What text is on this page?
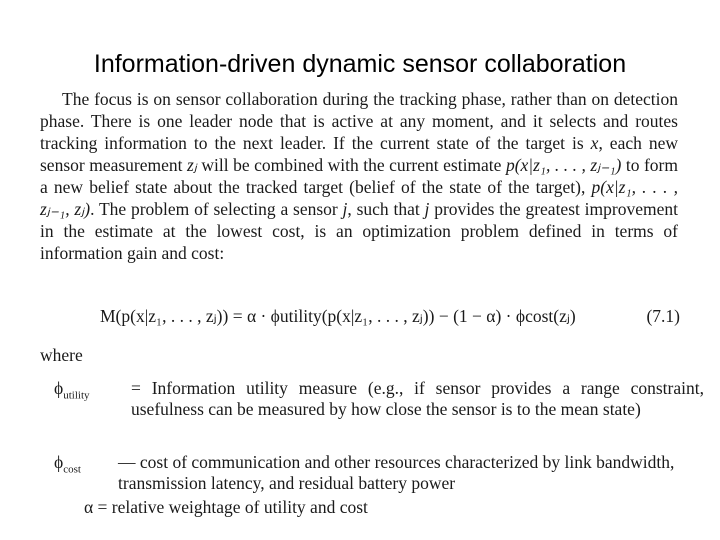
Information-driven dynamic sensor collaboration

The focus is on sensor collaboration during the tracking phase, rather than on detection phase. There is one leader node that is active at any moment, and it selects and routes tracking information to the next leader. If the current state of the target is x, each new sensor measurement zⱼ will be combined with the current estimate p(x|z₁, . . . , zⱼ₋₁) to form a new belief state about the tracked target (belief of the state of the target), p(x|z₁, . . . , zⱼ₋₁, zⱼ). The problem of selecting a sensor j, such that j provides the greatest improvement in the estimate at the lowest cost, is an optimization problem defined in terms of information gain and cost:

M(p(x|z₁, . . . , zⱼ)) = α · ϕutility(p(x|z₁, . . . , zⱼ)) − (1 − α) · ϕcost(zⱼ)	(7.1)
where
$\phi_{utility}$ = Information utility measure (e.g., if sensor provides a range constraint, usefulness can be measured by how close the sensor is to the mean state)
$\phi_{cost}$ — cost of communication and other resources characterized by link bandwidth, transmission latency, and residual battery power
α = relative weightage of utility and cost
